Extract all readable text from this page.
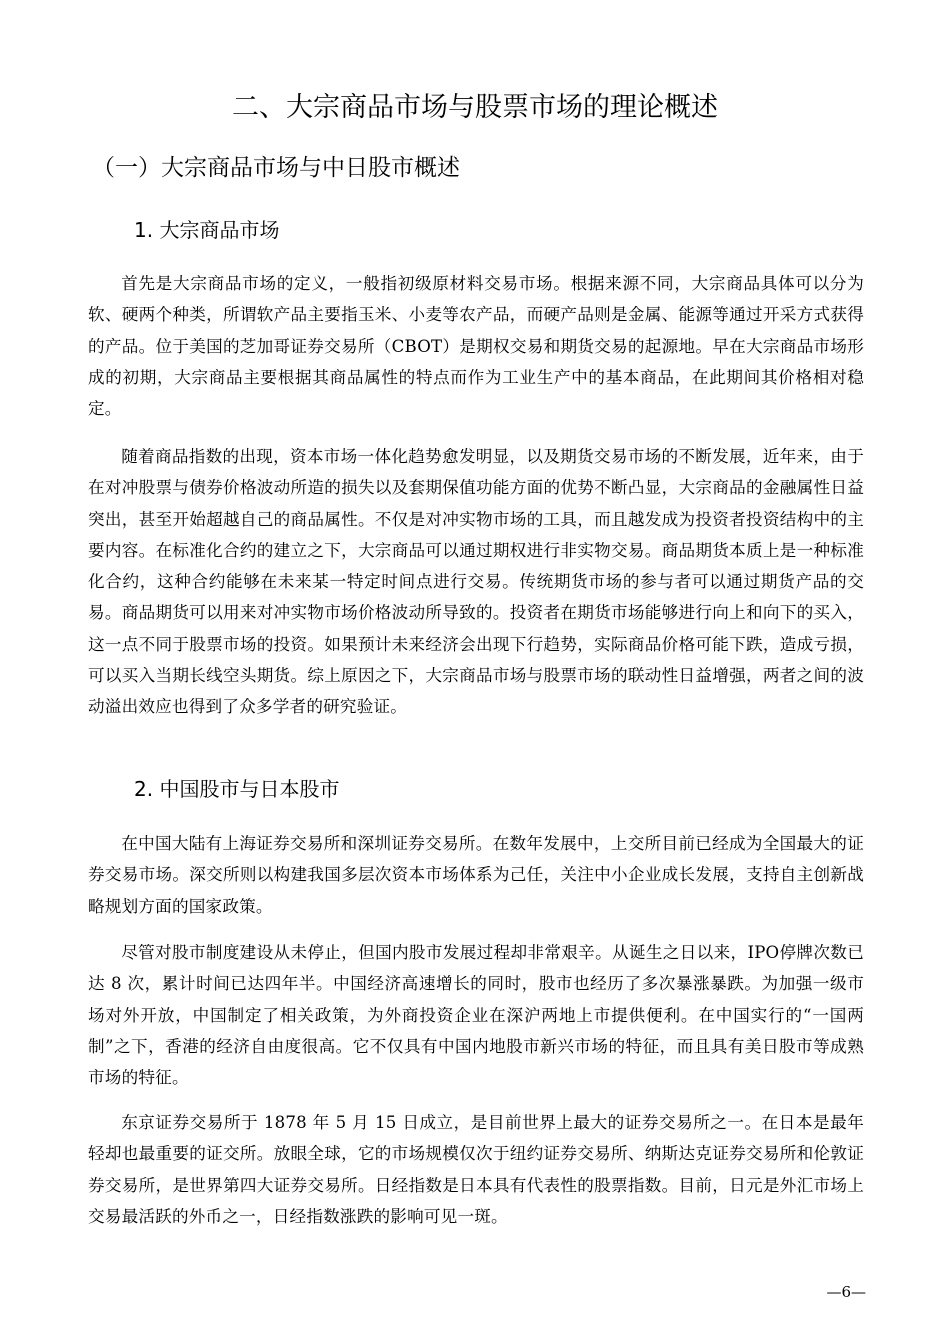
二、大宗商品市场与股票市场的理论概述
（一）大宗商品市场与中日股市概述
1. 大宗商品市场

首先是大宗商品市场的定义，一般指初级原材料交易市场。根据来源不同，大宗商品具体可以分为软、硬两个种类，所谓软产品主要指玉米、小麦等农产品，而硬产品则是金属、能源等通过开采方式获得的产品。位于美国的芝加哥证券交易所（CBOT）是期权交易和期货交易的起源地。早在大宗商品市场形成的初期，大宗商品主要根据其商品属性的特点而作为工业生产中的基本商品，在此期间其价格相对稳定。

随着商品指数的出现，资本市场一体化趋势愈发明显，以及期货交易市场的不断发展，近年来，由于在对冲股票与债券价格波动所造的损失以及套期保值功能方面的优势不断凸显，大宗商品的金融属性日益突出，甚至开始超越自己的商品属性。不仅是对冲实物市场的工具，而且越发成为投资者投资结构中的主要内容。在标准化合约的建立之下，大宗商品可以通过期权进行非实物交易。商品期货本质上是一种标准化合约，这种合约能够在未来某一特定时间点进行交易。传统期货市场的参与者可以通过期货产品的交易。商品期货可以用来对冲实物市场价格波动所导致的。投资者在期货市场能够进行向上和向下的买入，这一点不同于股票市场的投资。如果预计未来经济会出现下行趋势，实际商品价格可能下跌，造成亏损，可以买入当期长线空头期货。综上原因之下，大宗商品市场与股票市场的联动性日益增强，两者之间的波动溢出效应也得到了众多学者的研究验证。

2. 中国股市与日本股市

在中国大陆有上海证券交易所和深圳证券交易所。在数年发展中，上交所目前已经成为全国最大的证券交易市场。深交所则以构建我国多层次资本市场体系为己任，关注中小企业成长发展，支持自主创新战略规划方面的国家政策。

尽管对股市制度建设从未停止，但国内股市发展过程却非常艰辛。从诞生之日以来，IPO停牌次数已达 8 次，累计时间已达四年半。中国经济高速增长的同时，股市也经历了多次暴涨暴跌。为加强一级市场对外开放，中国制定了相关政策，为外商投资企业在深沪两地上市提供便利。在中国实行的“一国两制”之下，香港的经济自由度很高。它不仅具有中国内地股市新兴市场的特征，而且具有美日股市等成熟市场的特征。

东京证券交易所于 1878 年 5 月 15 日成立，是目前世界上最大的证券交易所之一。在日本是最年轻却也最重要的证交所。放眼全球，它的市场规模仅次于纽约证券交易所、纳斯达克证券交易所和伦敦证券交易所，是世界第四大证券交易所。日经指数是日本具有代表性的股票指数。目前，日元是外汇市场上交易最活跃的外币之一，日经指数涨跌的影响可见一斑。

—6—
